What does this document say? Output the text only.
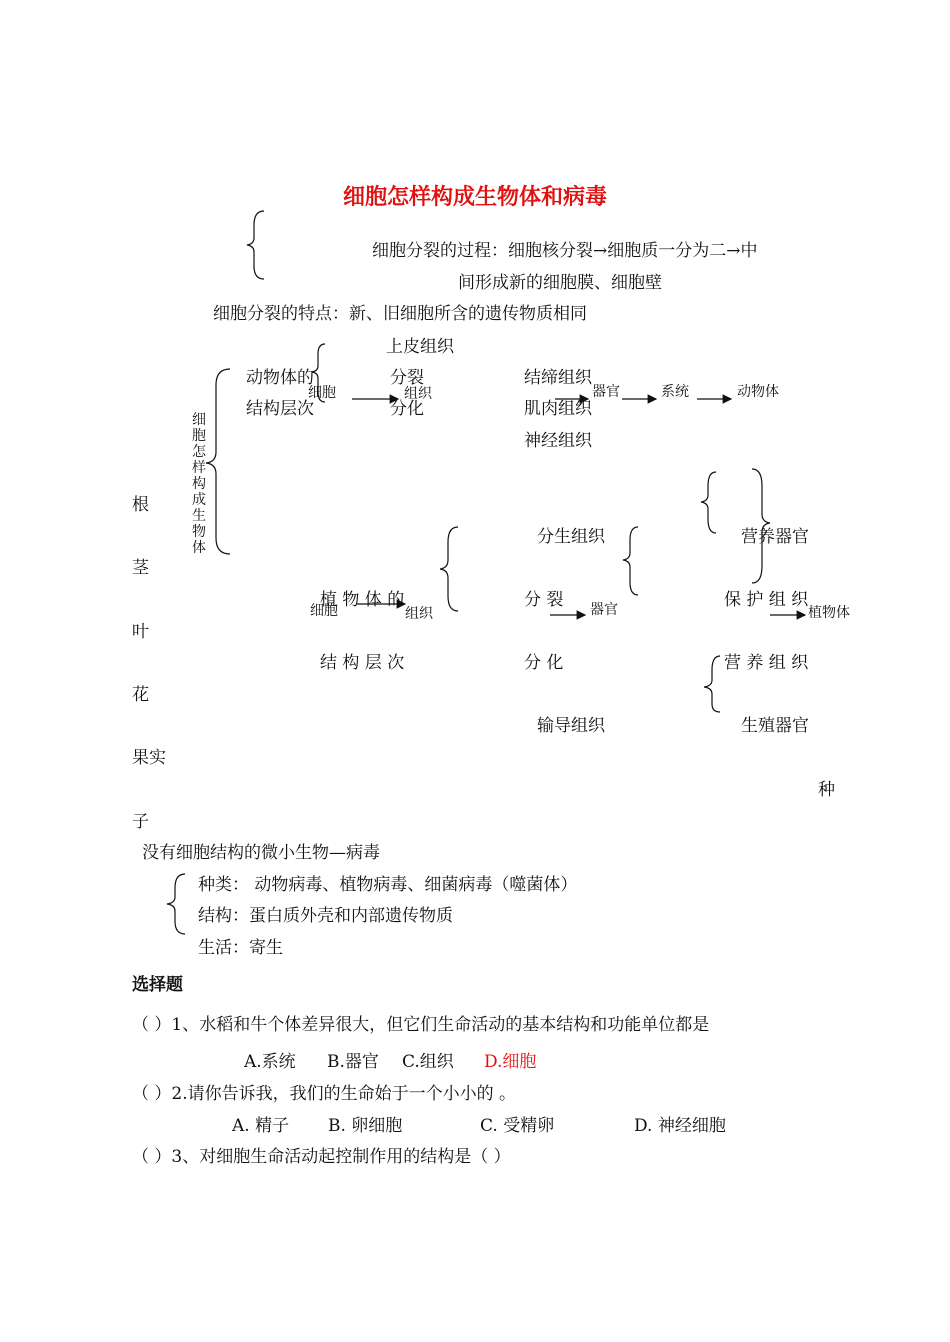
细胞怎样构成生物体和病毒
细胞分裂的过程：细胞核分裂→细胞质一分为二→中
间形成新的细胞膜、细胞壁
细胞分裂的特点：新、旧细胞所含的遗传物质相同
细胞怎样构成生物体
上皮组织
动物体的	分裂	结缔组织
细胞	组织	器官	系统	动物体
结构层次	分化	肌肉组织
神经组织
根
茎
叶
花
果实
种
子
分生组织	营养器官
植 物 体 的	分 裂	保 护 组 织
细胞	组织	器官	植物体
结 构 层 次	分 化	营 养 组 织
输导组织	生殖器官
没有细胞结构的微小生物—病毒
种类： 动物病毒、植物病毒、细菌病毒（噬菌体）
结构：蛋白质外壳和内部遗传物质
生活：寄生
选择题
（ ）1、水稻和牛个体差异很大，但它们生命活动的基本结构和功能单位都是
A.系统 B.器官 C.组织 D.细胞
（ ）2.请你告诉我，我们的生命始于一个小小的 。
A. 精子 B. 卵细胞	C. 受精卵	D. 神经细胞
（ ）3、对细胞生命活动起控制作用的结构是（ ）
